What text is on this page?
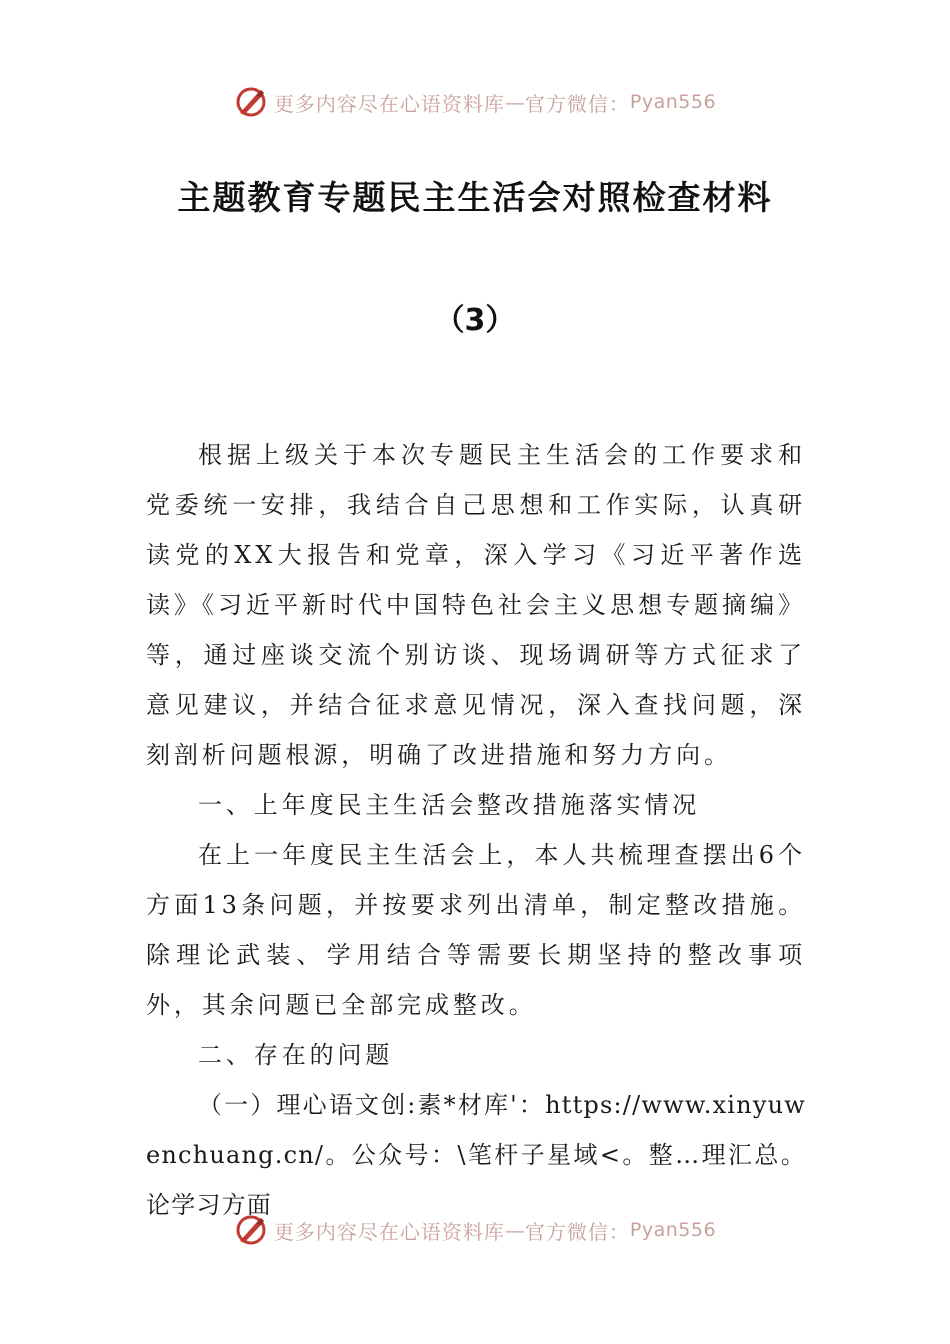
更多内容尽在心语资料库 — 官方微信： Pyan556
主题教育专题民主生活会对照检查材料
（3）

根据上级关于本次专题民主生活会的工作要求和党委统一安排，我结合自己思想和工作实际，认真研读党的XX大报告和党章，深入学习《习近平著作选读》《习近平新时代中国特色社会主义思想专题摘编》等，通过座谈交流个别访谈、现场调研等方式征求了意见建议，并结合征求意见情况，深入查找问题，深刻剖析问题根源，明确了改进措施和努力方向。

一、上年度民主生活会整改措施落实情况

在上一年度民主生活会上，本人共梳理查摆出6个方面13条问题，并按要求列出清单，制定整改措施。除理论武装、学用结合等需要长期坚持的整改事项外，其余问题已全部完成整改。

二、存在的问题

（一）理心语文创:素*材库'：https://www.xinyuwenchuang.cn/。公众号：\笔杆子星域<。整…理汇总。论学习方面

更多内容尽在心语资料库 — 官方微信： Pyan556
